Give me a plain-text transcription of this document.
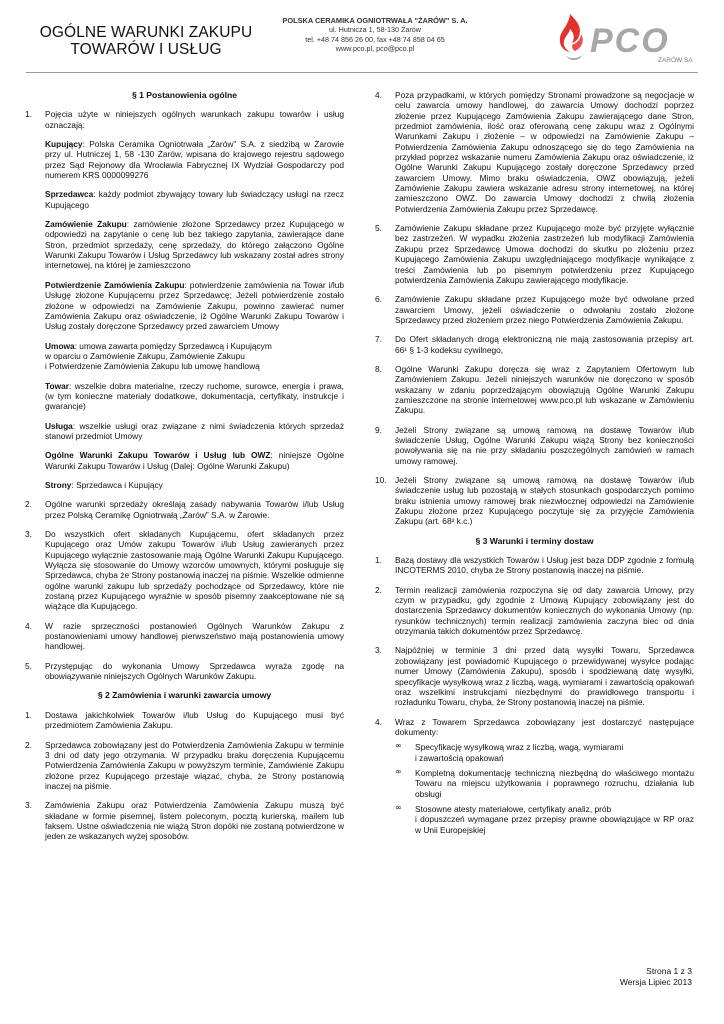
OGÓLNE WARUNKI ZAKUPU
TOWARÓW I USŁUG
POLSKA CERAMIKA OGNIOTRWAŁA "ŻARÓW" S. A.
ul. Hutnicza 1, 58-130 Żarów
tel. +48 74 856 26 00, fax +48 74 858 04 65
www.pco.pl, pco@pco.pl	PCO
ŻARÓW SA
§ 1 Postanowienia ogólne
1. Pojęcia użyte w niniejszych ogólnych warunkach zakupu towarów i usług oznaczają:
Kupujący: Polska Ceramika Ogniotrwała „Żarów” S.A. z siedzibą w Żarowie przy ul. Hutniczej 1, 58 -130 Żarów, wpisana do krajowego rejestru sądowego przez Sąd Rejonowy dla Wrocławia Fabrycznej IX Wydział Gospodarczy pod numerem KRS 0000099276
Sprzedawca: każdy podmiot zbywający towary lub świadczący usługi na rzecz Kupującego
Zamówienie Zakupu: zamówienie złożone Sprzedawcy przez Kupującego w odpowiedzi na zapytanie o cenę lub bez takiego zapytania, zawierające dane Stron, przedmiot sprzedaży, cenę sprzedaży, do którego załączono Ogólne Warunki Zakupu Towarów i Usług Sprzedawcy lub wskazany został adres strony internetowej, na której je zamieszczono
Potwierdzenie Zamówienia Zakupu: potwierdzenie zamówienia na Towar i/lub Usługę złożone Kupującemu przez Sprzedawcę; Jeżeli potwierdzenie zostało złożone w odpowiedzi na Zamówienie Zakupu, powinno zawierać numer Zamówienia Zakupu oraz oświadczenie, iż Ogólne Warunki Zakupu Towarów i Usług zostały doręczone Sprzedawcy przed zawarciem Umowy
Umowa: umowa zawarta pomiędzy Sprzedawcą i Kupującym
w oparciu o Zamówienie Zakupu, Zamówienie Zakupu
i Potwierdzenie Zamówienia Zakupu lub umowę handlową
Towar: wszelkie dobra materialne, rzeczy ruchome, surowce, energia i prawa, (w tym konieczne materiały dodatkowe, dokumentacja, certyfikaty, instrukcje i gwarancje)
Usługa: wszelkie usługi oraz związane z nimi świadczenia których sprzedaż stanowi przedmiot Umowy
Ogólne Warunki Zakupu Towarów i Usług lub OWZ: niniejsze Ogólne Warunki Zakupu Towarów i Usług (Dalej: Ogólne Warunki Zakupu)
Strony: Sprzedawca i Kupujący
2. Ogólne warunki sprzedaży określają zasady nabywania Towarów i/lub Usług przez Polską Ceramikę Ogniotrwałą „Żarów” S.A. w Żarowie.
3. Do wszystkich ofert składanych Kupującemu, ofert składanych przez Kupującego oraz Umów zakupu Towarów i/lub Usług zawieranych przez Kupującego wyłącznie zastosowanie mają Ogólne Warunki Zakupu Kupującego. Wyłącza się stosowanie do Umowy wzorców umownych, którymi posługuje się Sprzedawca, chyba że Strony postanowią inaczej na piśmie. Wszelkie odmienne ogólne warunki zakupu lub sprzedaży pochodzące od Sprzedawcy, które nie zostaną przez Kupującego wyraźnie w sposób pisemny zaakceptowane nie są wiążące dla Kupującego.
4. W razie sprzeczności postanowień Ogólnych Warunków Zakupu z postanowieniami umowy handlowej pierwszeństwo mają postanowienia umowy handlowej.
5. Przystępując do wykonania Umowy Sprzedawca wyraża zgodę na obowiązywanie niniejszych Ogólnych Warunków Zakupu.
§ 2 Zamówienia i warunki zawarcia umowy
1. Dostawa jakichkolwiek Towarów i/lub Usług do Kupującego musi być przedmiotem Zamówienia Zakupu.
2. Sprzedawca zobowiązany jest do Potwierdzenia Zamówienia Zakupu w terminie 3 dni od daty jego otrzymania. W przypadku braku doręczenia Kupującemu Potwierdzenia Zamówienia Zakupu w powyższym terminie, Zamówienie Zakupu złożone przez Kupującego przestaje wiązać, chyba, że Strony postanowią inaczej na piśmie.
3. Zamówienia Zakupu oraz Potwierdzenia Zamówienia Zakupu muszą być składane w formie pisemnej, listem poleconym, pocztą kurierską, mailem lub faksem. Ustne oświadczenia nie wiążą Stron dopóki nie zostaną potwierdzone w jeden ze wskazanych wyżej sposobów.
4. Poza przypadkami, w których pomiędzy Stronami prowadzone są negocjacje w celu zawarcia umowy handlowej, do zawarcia Umowy dochodzi poprzez złożenie przez Kupującego Zamówienia Zakupu zawierającego dane Stron, przedmiot zamówienia, ilość oraz oferowaną cenę zakupu wraz z Ogólnymi Warunkami Zakupu i złożenie – w odpowiedzi na Zamówienie Zakupu – Potwierdzenia Zamówienia Zakupu odnoszącego się do tego Zamówienia na przykład poprzez wskazanie numeru Zamówienia Zakupu oraz oświadczenie, iż Ogólne Warunki Zakupu Kupującego zostały doręczone Sprzedawcy przed zawarciem Umowy. Mimo braku oświadczenia, OWZ obowiązują, jeżeli Zamówienie Zakupu zawiera wskazanie adresu strony internetowej, na której zamieszczono OWZ. Do zawarcia Umowy dochodzi z chwilą złożenia Potwierdzenia Zamówienia Zakupu przez Sprzedawcę.
5. Zamówienie Zakupu składane przez Kupującego może być przyjęte wyłącznie bez zastrzeżeń. W wypadku złożenia zastrzeżeń lub modyfikacji Zamówienia Zakupu przez Sprzedawcę Umowa dochodzi do skutku po złożeniu przez Kupującego Zamówienia Zakupu uwzględniającego modyfikacje wynikające z treści Zamówienia lub po pisemnym potwierdzeniu przez Kupującego potwierdzenia Zamówienia Zakupu zawierającego modyfikacje.
6. Zamówienie Zakupu składane przez Kupującego może być odwołane przed zawarciem Umowy, jeżeli oświadczenie o odwołaniu zostało złożone Sprzedawcy przed złożeniem przez niego Potwierdzenia Zamówienia Zakupu.
7. Do Ofert składanych drogą elektroniczną nie mają zastosowania przepisy art. 66¹ § 1-3 kodeksu cywilnego,
8. Ogólne Warunki Zakupu doręcza się wraz z Zapytaniem Ofertowym lub Zamówieniem Zakupu. Jeżeli niniejszych warunków nie doręczono w sposób wskazany w zdaniu poprzedzającym obowiązują Ogólne Warunki Zakupu zamieszczone na stronie internetowej www.pco.pl lub wskazane w Zamówieniu Zakupu.
9. Jeżeli Strony związane są umową ramową na dostawę Towarów i/lub świadczenie Usług, Ogólne Warunki Zakupu wiążą Strony bez konieczności powoływania się na nie przy składaniu poszczególnych zamówień w ramach umowy ramowej.
10. Jeżeli Strony związane są umową ramową na dostawę Towarów i/lub świadczenie usług lub pozostają w stałych stosunkach gospodarczych pomimo braku istnienia umowy ramowej brak niezwłocznej odpowiedzi na Zamówienie Zakupu złożone przez Kupującego poczytuje się za przyjęcie Zamówienia Zakupu (art. 68² k.c.)
§ 3 Warunki i terminy dostaw
1. Bazą dostawy dla wszystkich Towarów i Usług jest baza DDP zgodnie z formułą INCOTERMS 2010, chyba że Strony postanowią inaczej na piśmie.
2. Termin realizacji zamówienia rozpoczyna się od daty zawarcia Umowy, przy czym w przypadku, gdy zgodnie z Umową Kupujący zobowiązany jest do dostarczenia Sprzedawcy dokumentów koniecznych do wykonania Umowy (np. rysunków technicznych) termin realizacji zamówienia zaczyna biec od dnia otrzymania takich dokumentów przez Sprzedawcę.
3. Najpóźniej w terminie 3 dni przed datą wysyłki Towaru, Sprzedawca zobowiązany jest powiadomić Kupującego o przewidywanej wysyłce podając numer Umowy (Zamówienia Zakupu), sposób i spodziewaną datę wysyłki, specyfikacje wysyłkową wraz z liczbą, wagą, wymiarami i zawartością opakowań oraz wszelkimi instrukcjami niezbędnymi do prawidłowego transportu i rozładunku Towaru, chyba, że Strony postanowią inaczej na piśmie.
4. Wraz z Towarem Sprzedawca zobowiązany jest dostarczyć następujące dokumenty:
∞ Specyfikację wysyłkową wraz z liczbą, wagą, wymiarami
i zawartością opakowań
∞ Kompletną dokumentację techniczną niezbędną do właściwego montażu Towaru na miejscu użytkowania i poprawnego rozruchu, działania lub obsługi
∞ Stosowne atesty materiałowe, certyfikaty analiz, prób
i dopuszczeń wymagane przez przepisy prawne obowiązujące w RP oraz w Unii Europejskiej
Strona 1 z 3
Wersja Lipiec 2013
